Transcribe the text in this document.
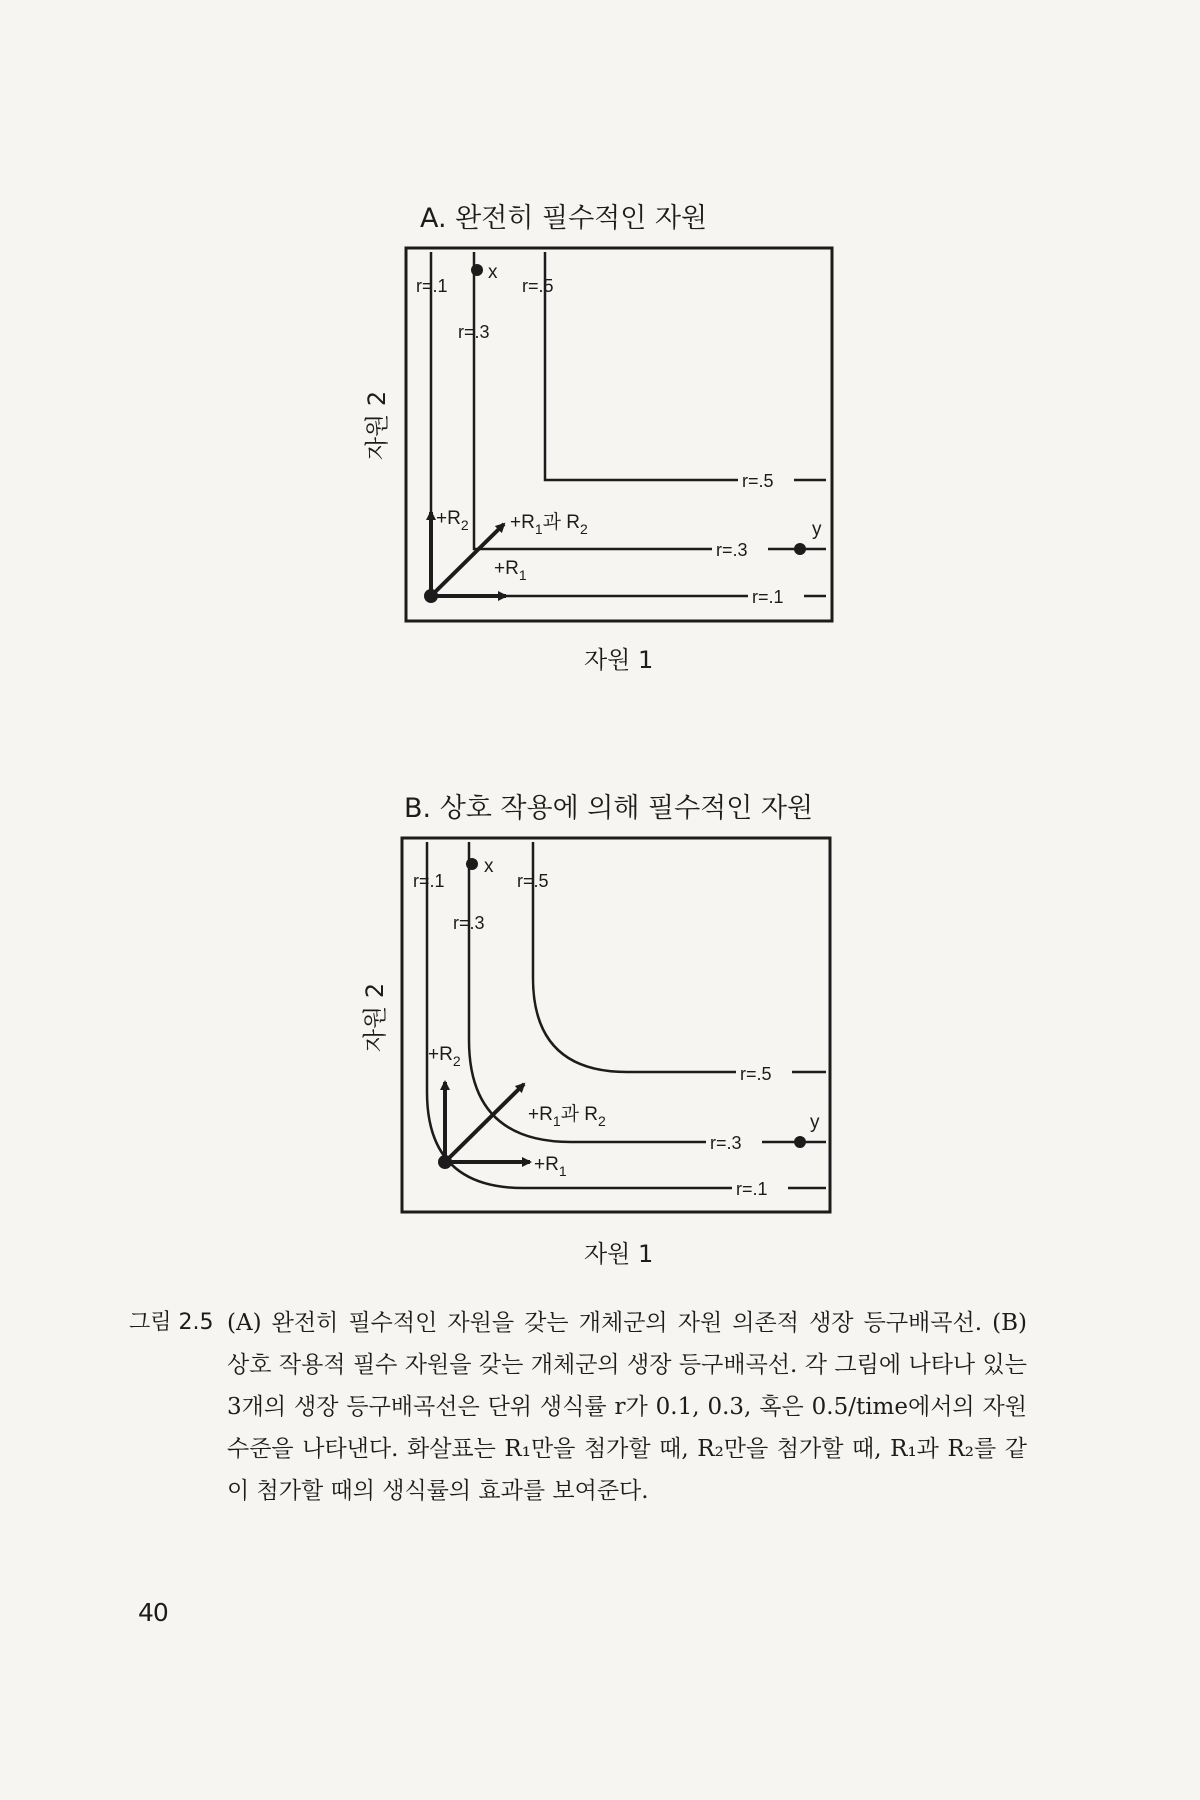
A. 완전히 필수적인 자원
자원 2
자원 1
x
y
r=.1
r=.3
r=.5
r=.5
r=.3
r=.1
$+R_2$
$+R_1$
$+R_1$과 $R_2$
B. 상호 작용에 의해 필수적인 자원
자원 2
자원 1
x
y
r=.1
r=.3
r=.5
r=.5
r=.3
r=.1
$+R_2$
$+R_1$
$+R_1$과 $R_2$
그림 2.5 (A) 완전히 필수적인 자원을 갖는 개체군의 자원 의존적 생장 등구배곡선. (B) 상호 작용적 필수 자원을 갖는 개체군의 생장 등구배곡선. 각 그림에 나타나 있는 3개의 생장 등구배곡선은 단위 생식률 r가 0.1, 0.3, 혹은 0.5/time에서의 자원 수준을 나타낸다. 화살표는 R₁만을 첨가할 때, R₂만을 첨가할 때, R₁과 R₂를 같이 첨가할 때의 생식률의 효과를 보여준다.
40
